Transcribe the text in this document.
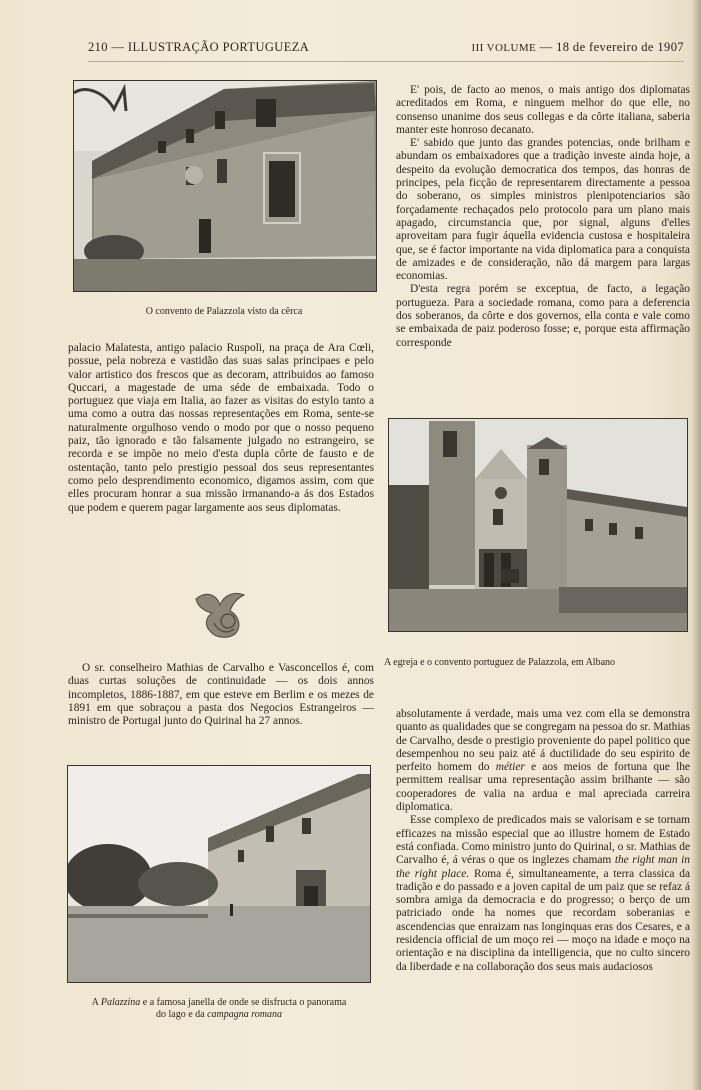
210 — ILLUSTRAÇÃO PORTUGUEZA	III VOLUME — 18 de fevereiro de 1907
O convento de Palazzola visto da cêrca

palacio Malatesta, antigo palacio Ruspoli, na praça de Ara Cœli, possue, pela nobreza e vastidão das suas salas principaes e pelo valor artistico dos frescos que as decoram, attribuidos ao famoso Quccari, a magestade de uma séde de embaixada. Todo o portuguez que viaja em Italia, ao fazer as visitas do estylo tanto a uma como a outra das nossas representações em Roma, sente-se naturalmente orgulhoso vendo o modo por que o nosso pequeno paiz, tão ignorado e tão falsamente julgado no estrangeiro, se recorda e se impõe no meio d'esta dupla côrte de fausto e de ostentação, tanto pelo prestigio pessoal dos seus representantes como pelo desprendimento economico, digamos assim, com que elles procuram honrar a sua missão irmanando-a ás dos Estados que podem e querem pagar largamente aos seus diplomatas.

O sr. conselheiro Mathias de Carvalho e Vasconcellos é, com duas curtas soluções de continuidade — os dois annos incompletos, 1886-1887, em que esteve em Berlim e os mezes de 1891 em que sobraçou a pasta dos Negocios Estrangeiros — ministro de Portugal junto do Quirinal ha 27 annos.

A Palazzina e a famosa janella de onde se disfructa o panorama
do lago e da campagna romana

E' pois, de facto ao menos, o mais antigo dos diplomatas acreditados em Roma, e ninguem melhor do que elle, no consenso unanime dos seus collegas e da côrte italiana, saberia manter este honroso decanato.

E' sabido que junto das grandes potencias, onde brilham e abundam os embaixadores que a tradição investe ainda hoje, a despeito da evolução democratica dos tempos, das honras de principes, pela ficção de representarem directamente a pessoa do soberano, os simples ministros plenipotenciarios são forçadamente rechaçados pelo protocolo para um plano mais apagado, circumstancia que, por signal, alguns d'elles aproveitam para fugir áquella evidencia custosa e hospitaleira que, se é factor importante na vida diplomatica para a conquista de amizades e de consideração, não dá margem para largas economias.

D'esta regra porém se exceptua, de facto, a legação portugueza. Para a sociedade romana, como para a deferencia dos soberanos, da côrte e dos governos, ella conta e vale como se embaixada de paiz poderoso fosse; e, porque esta affirmação corresponde

A egreja e o convento portuguez de Palazzola, em Albano

absolutamente á verdade, mais uma vez com ella se demonstra quanto as qualidades que se congregam na pessoa do sr. Mathias de Carvalho, desde o prestigio proveniente do papel politico que desempenhou no seu paiz até á ductilidade do seu espirito de perfeito homem do métier e aos meios de fortuna que lhe permittem realisar uma representação assim brilhante — são cooperadores de valia na ardua e mal apreciada carreira diplomatica.

Esse complexo de predicados mais se valorisam e se tornam efficazes na missão especial que ao illustre homem de Estado está confiada. Como ministro junto do Quirinal, o sr. Mathias de Carvalho é, á véras o que os inglezes chamam the right man in the right place. Roma é, simultaneamente, a terra classica da tradição e do passado e a joven capital de um paiz que se refaz á sombra amiga da democracia e do progresso; o berço de um patriciado onde ha nomes que recordam soberanias e ascendencias que enraizam nas longinquas eras dos Cesares, e a residencia official de um moço rei — moço na idade e moço na orientação e na disciplina da intelligencia, que no culto sincero da liberdade e na collaboração dos seus mais audaciosos
